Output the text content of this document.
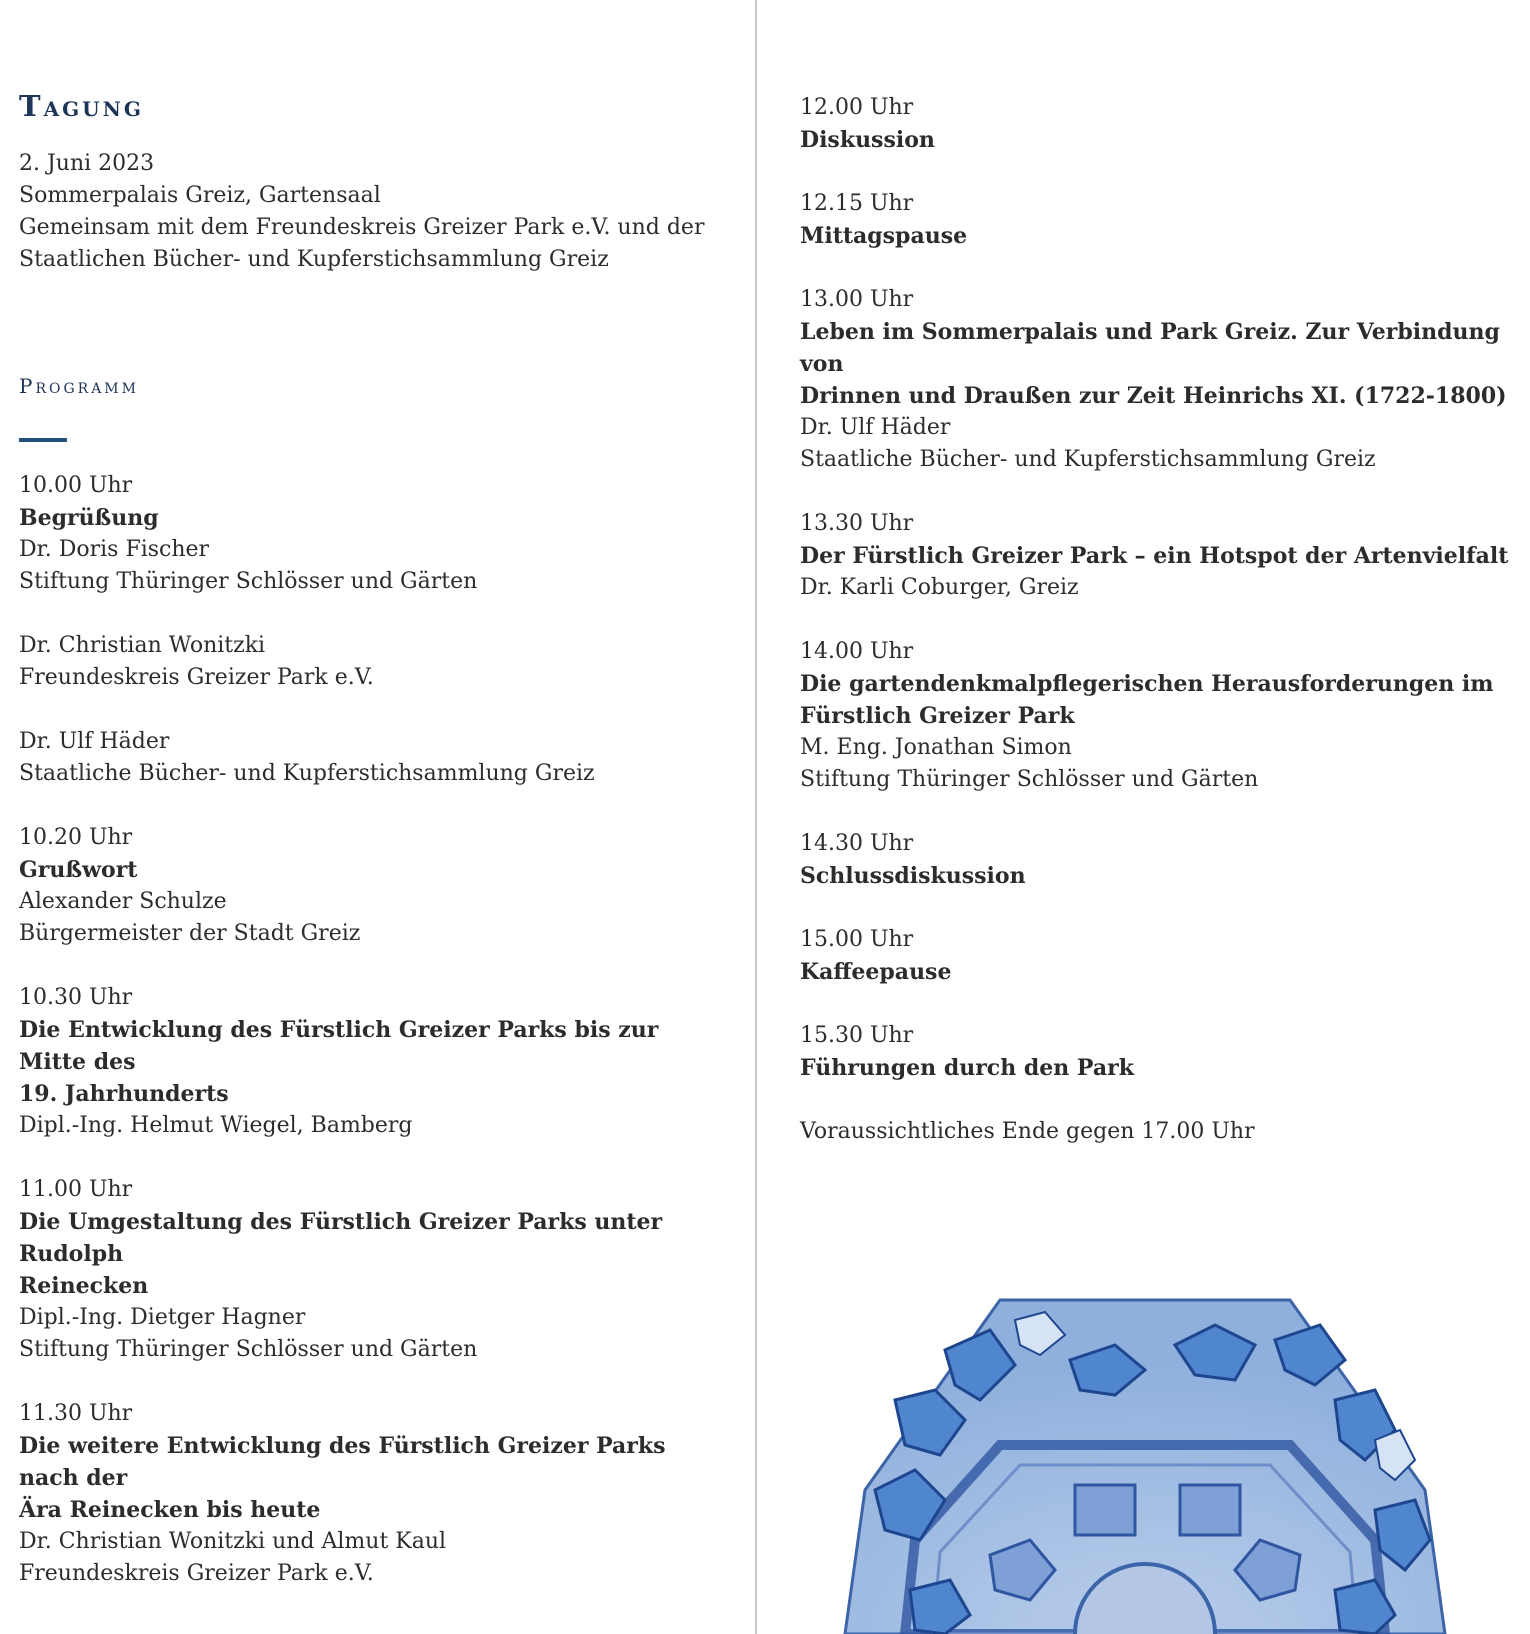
Tagung

2. Juni 2023

Sommerpalais Greiz, Gartensaal

Gemeinsam mit dem Freundeskreis Greizer Park e.V. und der

Staatlichen Bücher- und Kupferstichsammlung Greiz

Programm

10.00 Uhr

Begrüßung

Dr. Doris Fischer

Stiftung Thüringer Schlösser und Gärten

Dr. Christian Wonitzki

Freundeskreis Greizer Park e.V.

Dr. Ulf Häder

Staatliche Bücher- und Kupferstichsammlung Greiz

10.20 Uhr

Grußwort

Alexander Schulze

Bürgermeister der Stadt Greiz

10.30 Uhr

Die Entwicklung des Fürstlich Greizer Parks bis zur Mitte des

19. Jahrhunderts

Dipl.-Ing. Helmut Wiegel, Bamberg

11.00 Uhr

Die Umgestaltung des Fürstlich Greizer Parks unter Rudolph

Reinecken

Dipl.-Ing. Dietger Hagner

Stiftung Thüringer Schlösser und Gärten

11.30 Uhr

Die weitere Entwicklung des Fürstlich Greizer Parks nach der

Ära Reinecken bis heute

Dr. Christian Wonitzki und Almut Kaul

Freundeskreis Greizer Park e.V.

12.00 Uhr

Diskussion

12.15 Uhr

Mittagspause

13.00 Uhr

Leben im Sommerpalais und Park Greiz. Zur Verbindung von

Drinnen und Draußen zur Zeit Heinrichs XI. (1722-1800)

Dr. Ulf Häder

Staatliche Bücher- und Kupferstichsammlung Greiz

13.30 Uhr

Der Fürstlich Greizer Park – ein Hotspot der Artenvielfalt

Dr. Karli Coburger, Greiz

14.00 Uhr

Die gartendenkmalpflegerischen Herausforderungen im

Fürstlich Greizer Park

M. Eng. Jonathan Simon

Stiftung Thüringer Schlösser und Gärten

14.30 Uhr

Schlussdiskussion

15.00 Uhr

Kaffeepause

15.30 Uhr

Führungen durch den Park

Voraussichtliches Ende gegen 17.00 Uhr
